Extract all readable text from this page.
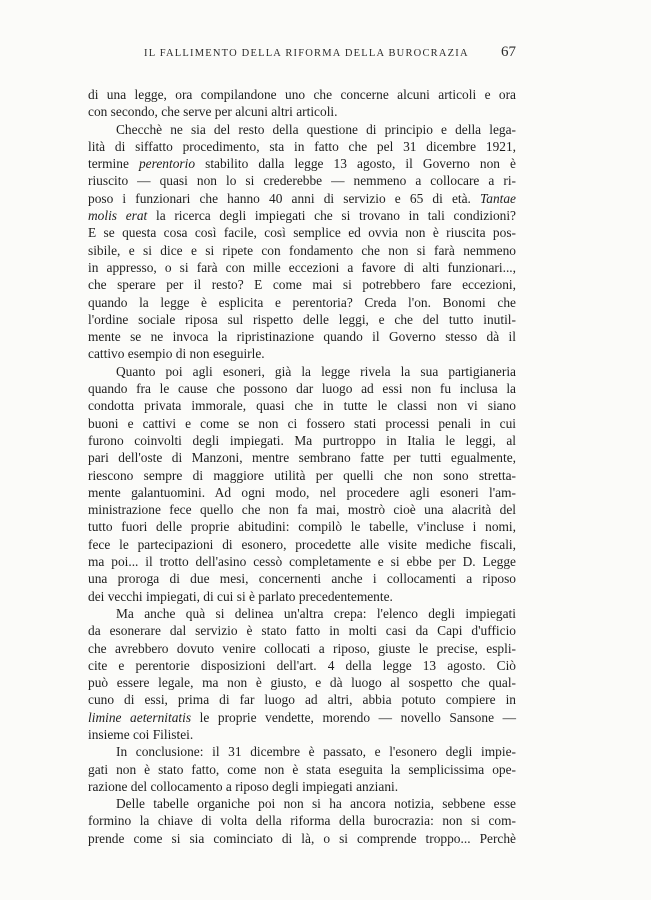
IL FALLIMENTO DELLA RIFORMA DELLA BUROCRAZIA 67
di una legge, ora compilandone uno che concerne alcuni articoli e ora
con secondo, che serve per alcuni altri articoli.
Checchè ne sia del resto della questione di principio e della lega-
lità di siffatto procedimento, sta in fatto che pel 31 dicembre 1921,
termine perentorio stabilito dalla legge 13 agosto, il Governo non è
riuscito — quasi non lo si crederebbe — nemmeno a collocare a ri-
poso i funzionari che hanno 40 anni di servizio e 65 di età. Tantae
molis erat la ricerca degli impiegati che si trovano in tali condizioni?
E se questa cosa così facile, così semplice ed ovvia non è riuscita pos-
sibile, e si dice e si ripete con fondamento che non si farà nemmeno
in appresso, o si farà con mille eccezioni a favore di alti funzionari...,
che sperare per il resto? E come mai si potrebbero fare eccezioni,
quando la legge è esplicita e perentoria? Creda l'on. Bonomi che
l'ordine sociale riposa sul rispetto delle leggi, e che del tutto inutil-
mente se ne invoca la ripristinazione quando il Governo stesso dà il
cattivo esempio di non eseguirle.
Quanto poi agli esoneri, già la legge rivela la sua partigianeria
quando fra le cause che possono dar luogo ad essi non fu inclusa la
condotta privata immorale, quasi che in tutte le classi non vi siano
buoni e cattivi e come se non ci fossero stati processi penali in cui
furono coinvolti degli impiegati. Ma purtroppo in Italia le leggi, al
pari dell'oste di Manzoni, mentre sembrano fatte per tutti egualmente,
riescono sempre di maggiore utilità per quelli che non sono stretta-
mente galantuomini. Ad ogni modo, nel procedere agli esoneri l'am-
ministrazione fece quello che non fa mai, mostrò cioè una alacrità del
tutto fuori delle proprie abitudini: compilò le tabelle, v'incluse i nomi,
fece le partecipazioni di esonero, procedette alle visite mediche fiscali,
ma poi... il trotto dell'asino cessò completamente e si ebbe per D. Legge
una proroga di due mesi, concernenti anche i collocamenti a riposo
dei vecchi impiegati, di cui si è parlato precedentemente.
Ma anche quà si delinea un'altra crepa: l'elenco degli impiegati
da esonerare dal servizio è stato fatto in molti casi da Capi d'ufficio
che avrebbero dovuto venire collocati a riposo, giuste le precise, espli-
cite e perentorie disposizioni dell'art. 4 della legge 13 agosto. Ciò
può essere legale, ma non è giusto, e dà luogo al sospetto che qual-
cuno di essi, prima di far luogo ad altri, abbia potuto compiere in
limine aeternitatis le proprie vendette, morendo — novello Sansone —
insieme coi Filistei.
In conclusione: il 31 dicembre è passato, e l'esonero degli impie-
gati non è stato fatto, come non è stata eseguita la semplicissima ope-
razione del collocamento a riposo degli impiegati anziani.
Delle tabelle organiche poi non si ha ancora notizia, sebbene esse
formino la chiave di volta della riforma della burocrazia: non si com-
prende come si sia cominciato di là, o si comprende troppo... Perchè
